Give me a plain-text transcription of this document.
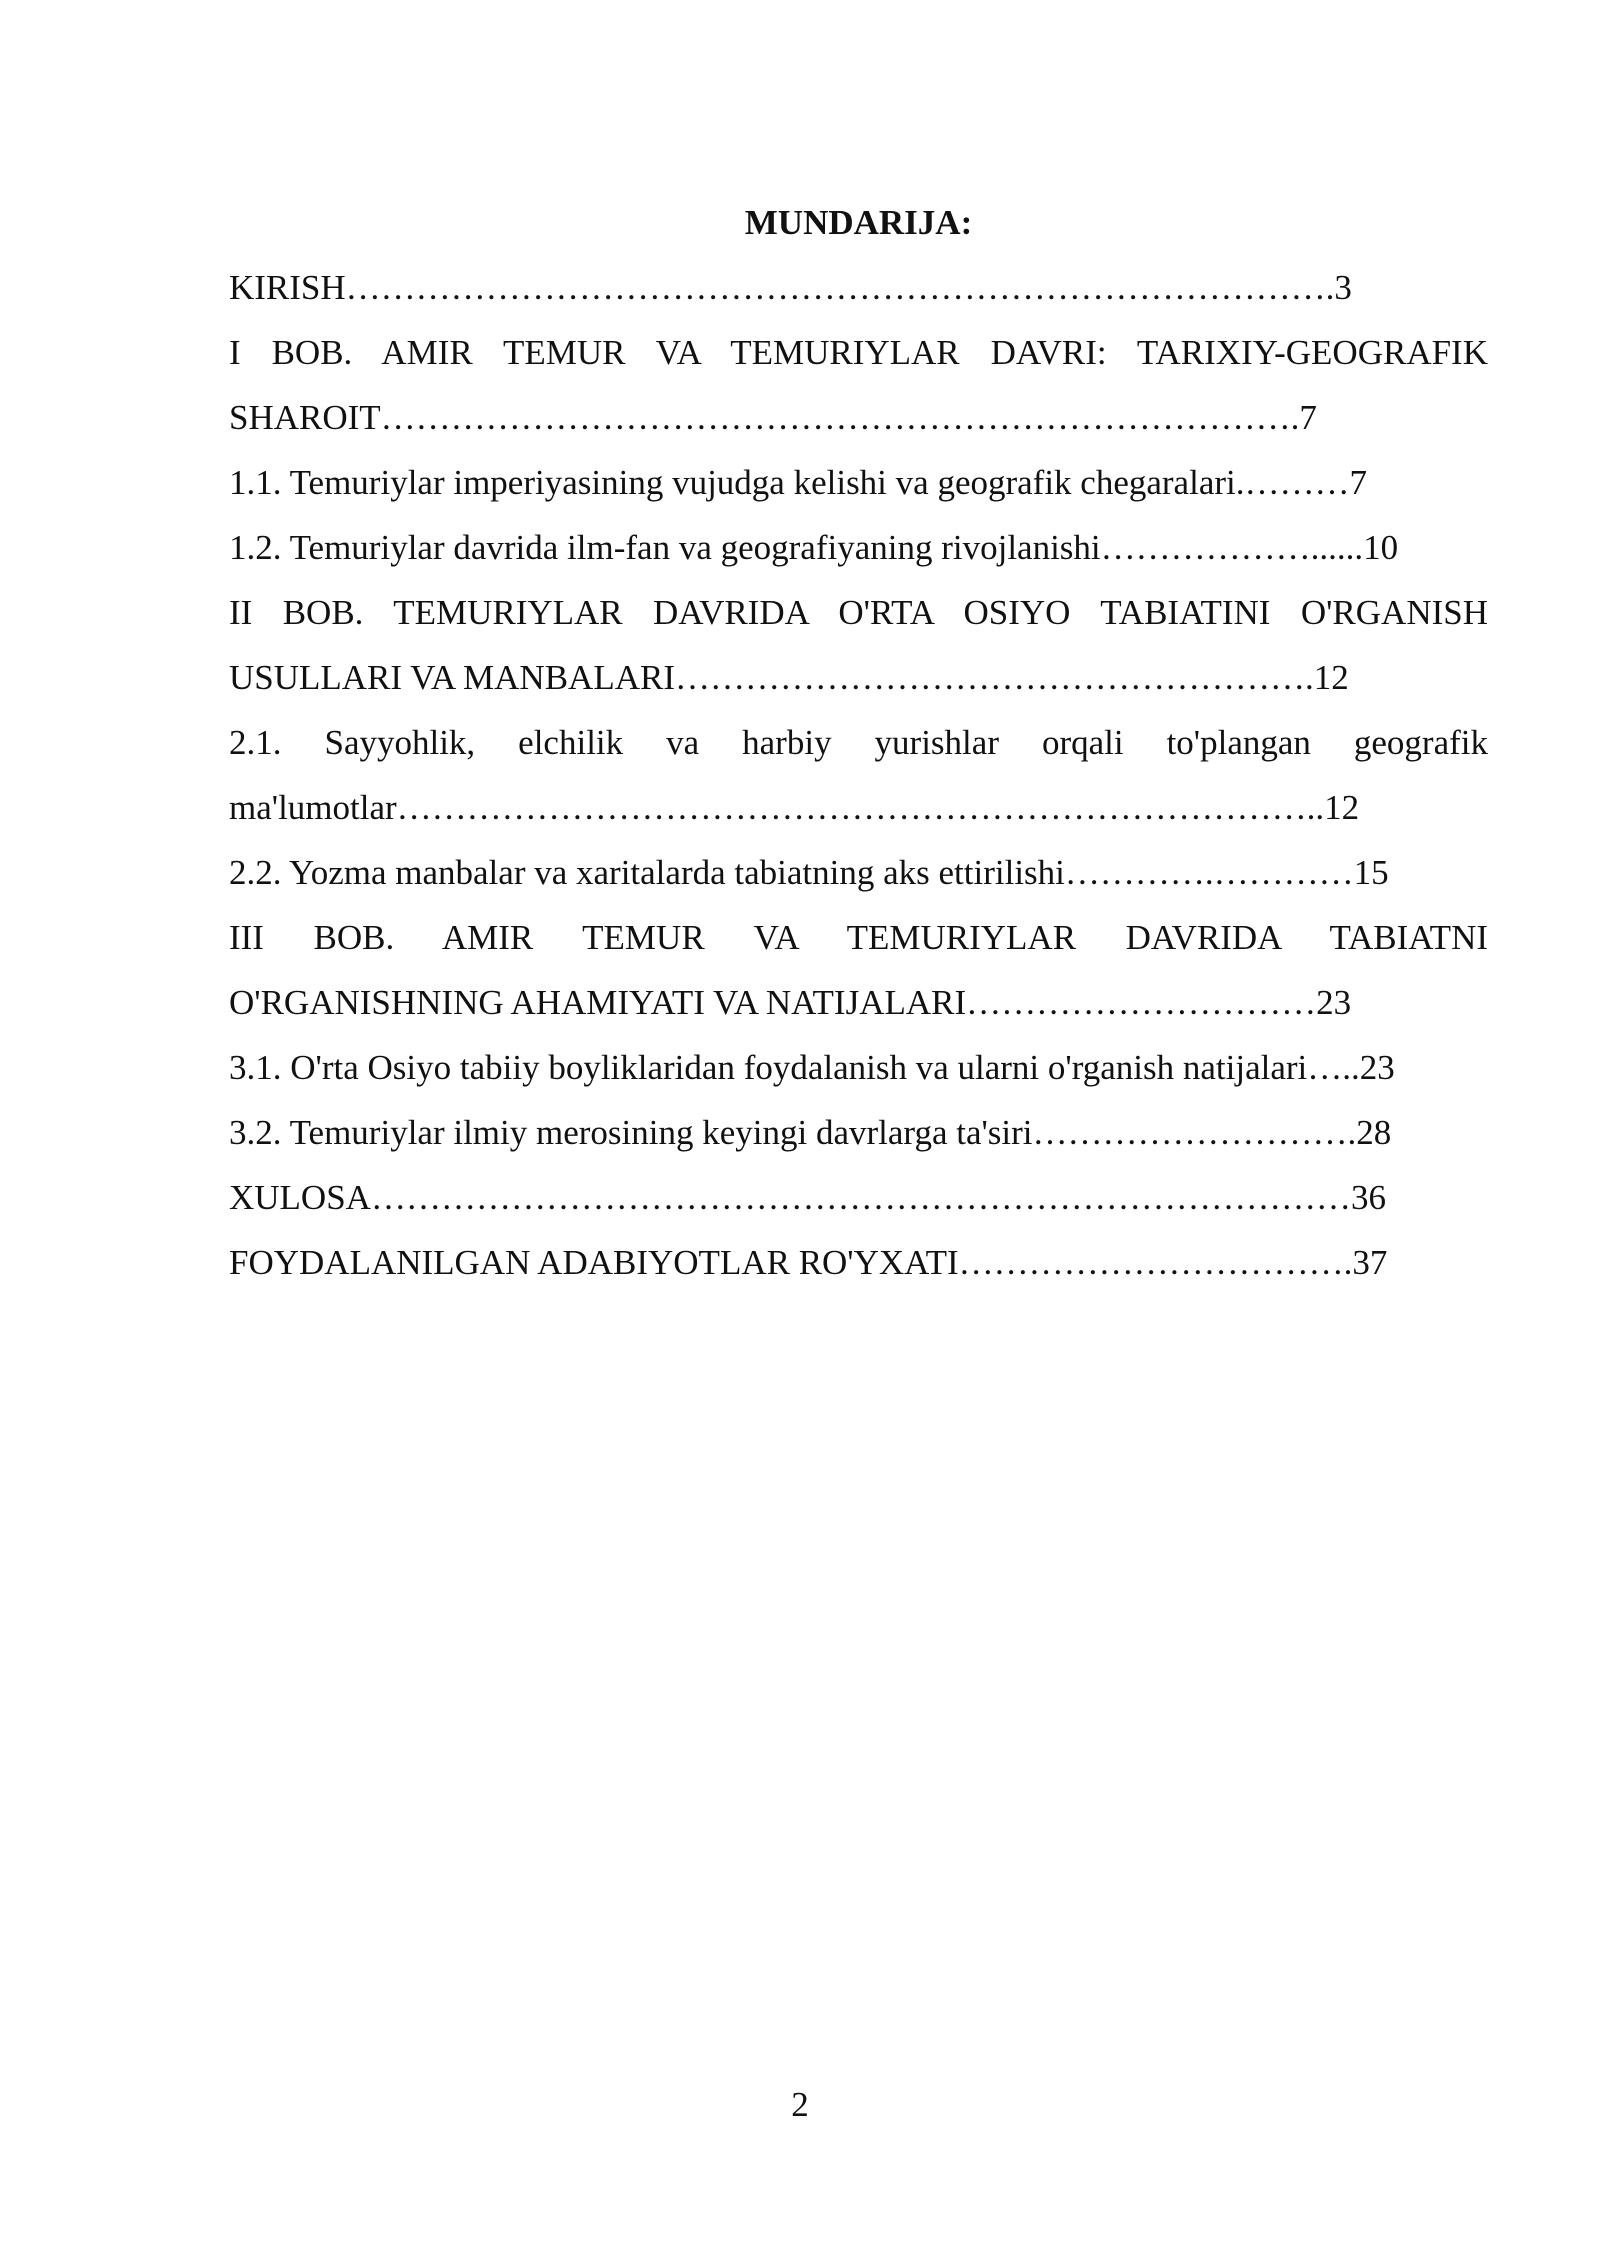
MUNDARIJA:

KIRISH………………………………………………………………………….3

I BOB. AMIR TEMUR VA TEMURIYLAR DAVRI: TARIXIY-GEOGRAFIK

SHAROIT…………………………………………………………………….7

1.1. Temuriylar imperiyasining vujudga kelishi va geografik chegaralari.………7

1.2. Temuriylar davrida ilm-fan va geografiyaning rivojlanishi………………......10

II BOB. TEMURIYLAR DAVRIDA O'RTA OSIYO TABIATINI O'RGANISH

USULLARI VA MANBALARI……………………………………………….12

2.1. Sayyohlik, elchilik va harbiy yurishlar orqali to'plangan geografik

ma'lumotlar……………………………………………………………………..12

2.2. Yozma manbalar va xaritalarda tabiatning aks ettirilishi………….…………15

III BOB. AMIR TEMUR VA TEMURIYLAR DAVRIDA TABIATNI

O'RGANISHNING AHAMIYATI VA NATIJALARI…………………………23

3.1. O'rta Osiyo tabiiy boyliklaridan foydalanish va ularni o'rganish natijalari…..23

3.2. Temuriylar ilmiy merosining keyingi davrlarga ta'siri……………………….28

XULOSA…………………………………………………………………………36

FOYDALANILGAN ADABIYOTLAR RO'YXATI…………………………….37

2
